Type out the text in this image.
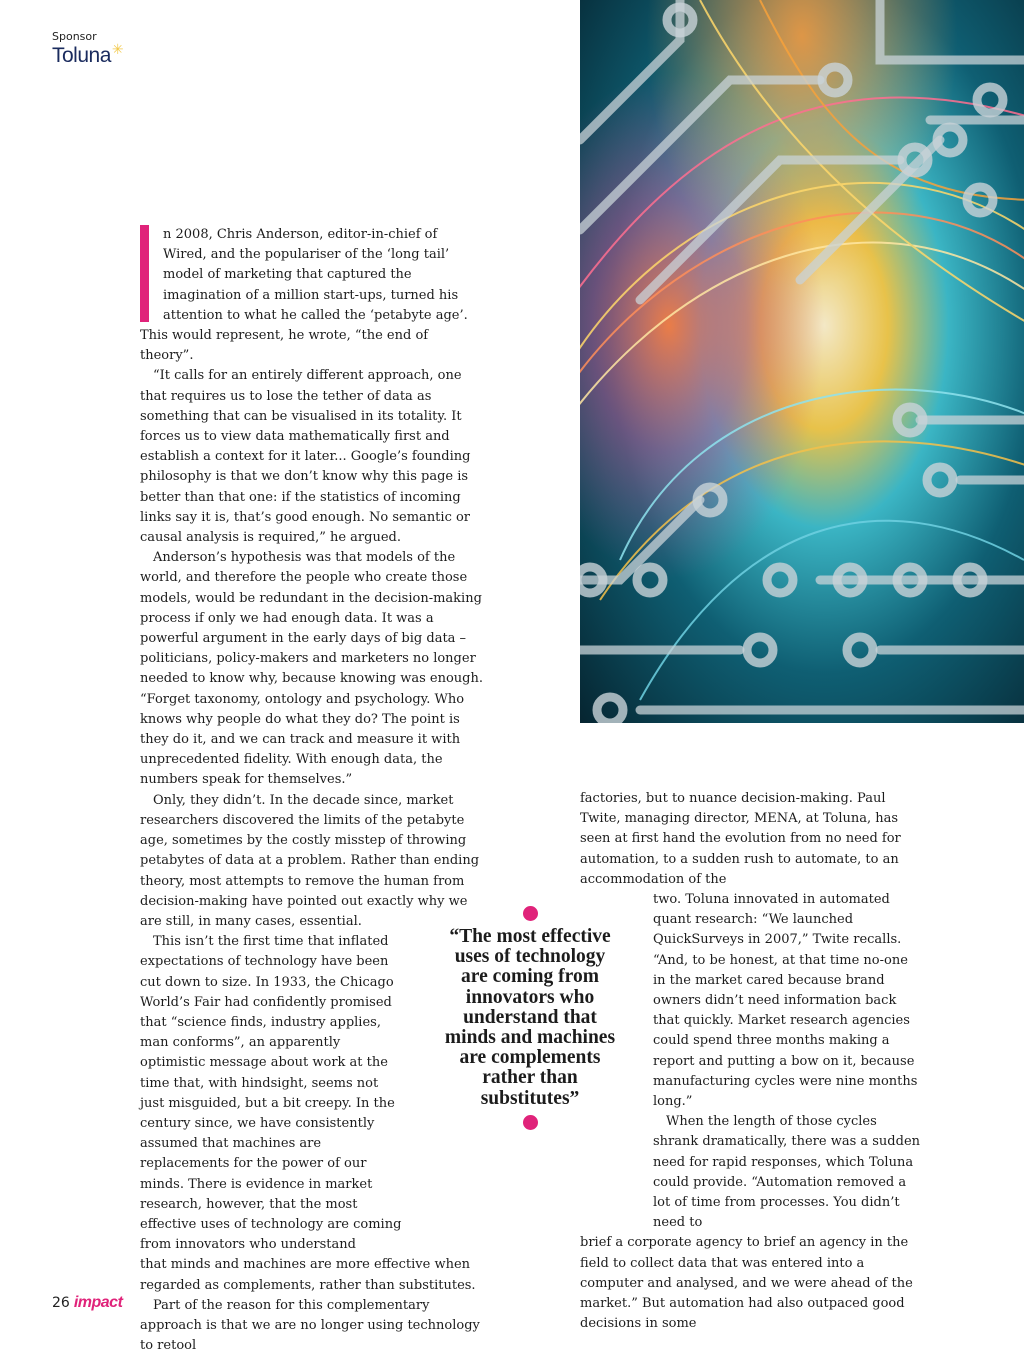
Sponsor
Toluna✳

n 2008, Chris Anderson, editor-in-chief of Wired, and the populariser of the ‘long tail’ model of marketing that captured the imagination of a million start-ups, turned his attention to what he called the ‘petabyte age’. This would represent, he wrote, “the end of theory”.

“It calls for an entirely different approach, one that requires us to lose the tether of data as something that can be visualised in its totality. It forces us to view data mathematically first and establish a context for it later... Google’s founding philosophy is that we don’t know why this page is better than that one: if the statistics of incoming links say it is, that’s good enough. No semantic or causal analysis is required,” he argued.

Anderson’s hypothesis was that models of the world, and therefore the people who create those models, would be redundant in the decision-making process if only we had enough data. It was a powerful argument in the early days of big data – politicians, policy-makers and marketers no longer needed to know why, because knowing was enough. “Forget taxonomy, ontology and psychology. Who knows why people do what they do? The point is they do it, and we can track and measure it with unprecedented fidelity. With enough data, the numbers speak for themselves.”

Only, they didn’t. In the decade since, market researchers discovered the limits of the petabyte age, sometimes by the costly misstep of throwing petabytes of data at a problem. Rather than ending theory, most attempts to remove the human from decision-making have pointed out exactly why we are still, in many cases, essential.

This isn’t the first time that inflated expectations of technology have been cut down to size. In 1933, the Chicago World’s Fair had confidently promised that “science finds, industry applies, man conforms”, an apparently optimistic message about work at the time that, with hindsight, seems not just misguided, but a bit creepy. In the century since, we have consistently assumed that machines are replacements for the power of our minds. There is evidence in market research, however, that the most effective uses of technology are coming from innovators who understand

that minds and machines are more effective when regarded as complements, rather than substitutes.

Part of the reason for this complementary approach is that we are no longer using technology to retool

“The most effective
uses of technology
are coming from
innovators who
understand that
minds and machines
are complements
rather than
substitutes”

factories, but to nuance decision-making. Paul Twite, managing director, MENA, at Toluna, has seen at first hand the evolution from no need for automation, to a sudden rush to automate, to an accommodation of the

two. Toluna innovated in automated quant research: “We launched QuickSurveys in 2007,” Twite recalls. “And, to be honest, at that time no-one in the market cared because brand owners didn’t need information back that quickly. Market research agencies could spend three months making a report and putting a bow on it, because manufacturing cycles were nine months long.”

When the length of those cycles shrank dramatically, there was a sudden need for rapid responses, which Toluna could provide. “Automation removed a lot of time from processes. You didn’t need to

brief a corporate agency to brief an agency in the field to collect data that was entered into a computer and analysed, and we were ahead of the market.” But automation had also outpaced good decisions in some

26 impact
